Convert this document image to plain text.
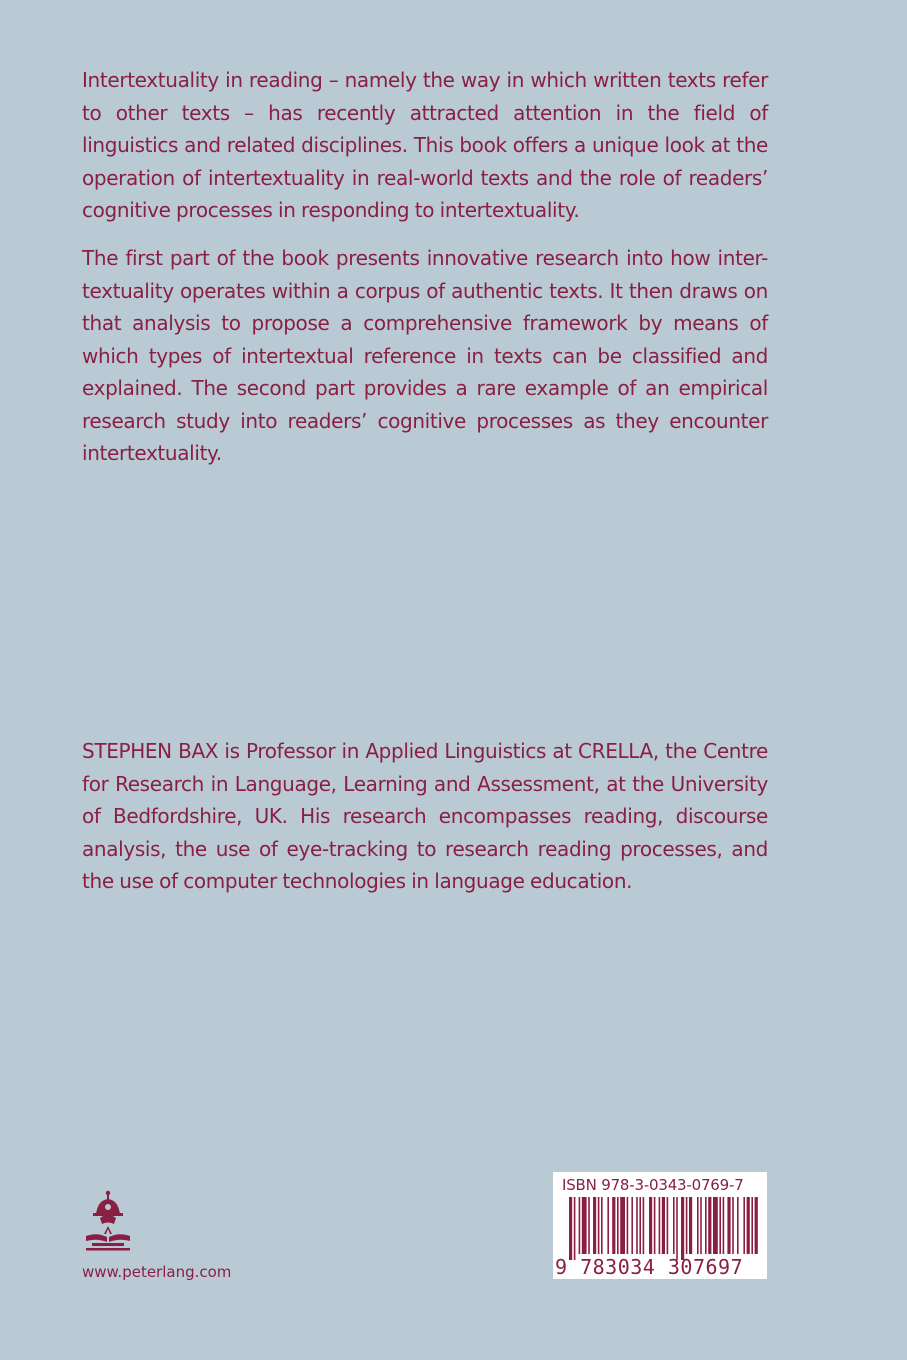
Intertextuality in reading – namely the way in which written texts refer to other texts – has recently attracted attention in the field of linguistics and related disciplines. This book offers a unique look at the operation of intertextuality in real-world texts and the role of readers’ cognitive processes in responding to intertextuality.

The first part of the book presents innovative research into how inter-textuality operates within a corpus of authentic texts. It then draws on that analysis to propose a comprehensive framework by means of which types of intertextual reference in texts can be classified and explained. The second part provides a rare example of an empirical research study into readers’ cognitive processes as they encounter intertextuality.

STEPHEN BAX is Professor in Applied Linguistics at CRELLA, the Centre for Research in Language, Learning and Assessment, at the University of Bedfordshire, UK. His research encompasses reading, discourse analysis, the use of eye-tracking to research reading processes, and the use of computer technologies in language education.

www.peterlang.com
ISBN 978-3-0343-0769-7
9 783034 307697
